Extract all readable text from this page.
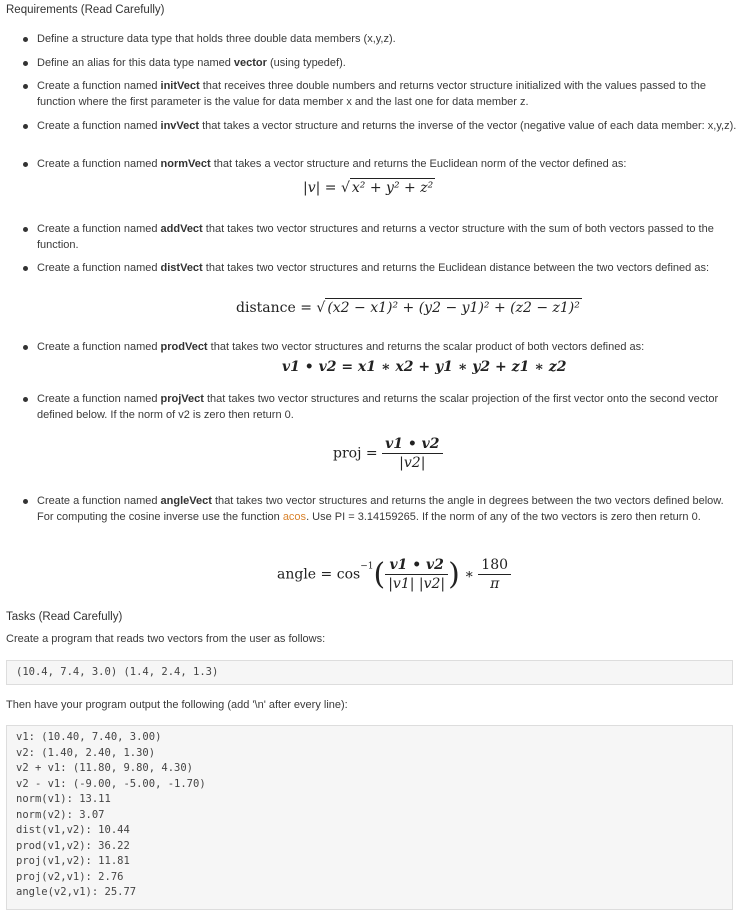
Requirements (Read Carefully)
Define a structure data type that holds three double data members (x,y,z).
Define an alias for this data type named vector (using typedef).
Create a function named initVect that receives three double numbers and returns vector structure initialized with the values passed to the function where the first parameter is the value for data member x and the last one for data member z.
Create a function named invVect that takes a vector structure and returns the inverse of the vector (negative value of each data member: x,y,z).
Create a function named normVect that takes a vector structure and returns the Euclidean norm of the vector defined as:
|v| = √ x² + y² + z²
Create a function named addVect that takes two vector structures and returns a vector structure with the sum of both vectors passed to the function.
Create a function named distVect that takes two vector structures and returns the Euclidean distance between the two vectors defined as:
distance = √ (x2 − x1)² + (y2 − y1)² + (z2 − z1)²
Create a function named prodVect that takes two vector structures and returns the scalar product of both vectors defined as:
v1 • v2 = x1 ∗ x2 + y1 ∗ y2 + z1 ∗ z2
Create a function named projVect that takes two vector structures and returns the scalar projection of the first vector onto the second vector defined below. If the norm of v2 is zero then return 0.
proj = $\frac{v1 • v2}{|v2|}$
Create a function named angleVect that takes two vector structures and returns the angle in degrees between the two vectors defined below. For computing the cosine inverse use the function acos. Use PI = 3.14159265. If the norm of any of the two vectors is zero then return 0.
angle = $\cos^{-1}( \frac{v1 • v2}{|v1| |v2|}$ ) ∗ $\frac{180}{\pi}$
Tasks (Read Carefully)
Create a program that reads two vectors from the user as follows:
(10.4, 7.4, 3.0) (1.4, 2.4, 1.3)
Then have your program output the following (add '\n' after every line):
v1: (10.40, 7.40, 3.00)
v2: (1.40, 2.40, 1.30)
v2 + v1: (11.80, 9.80, 4.30)
v2 - v1: (-9.00, -5.00, -1.70)
norm(v1): 13.11
norm(v2): 3.07
dist(v1,v2): 10.44
prod(v1,v2): 36.22
proj(v1,v2): 11.81
proj(v2,v1): 2.76
angle(v2,v1): 25.77
